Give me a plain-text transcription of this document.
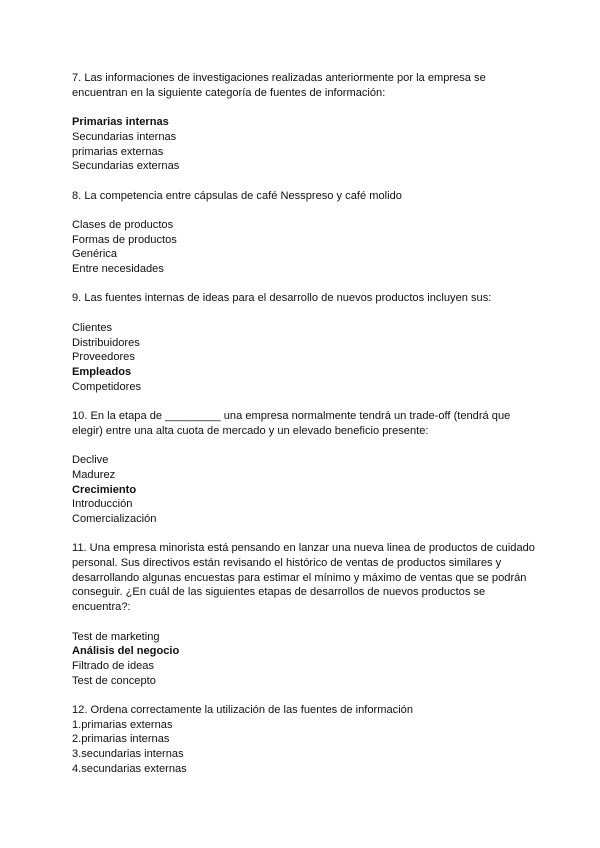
7. Las informaciones de investigaciones realizadas anteriormente por la empresa se encuentran en la siguiente categoría de fuentes de información:

Primarias internas
Secundarias internas
primarias externas
Secundarias externas

8. La competencia entre cápsulas de café Nesspreso y café molido

Clases de productos
Formas de productos
Genérica
Entre necesidades

9. Las fuentes internas de ideas para el desarrollo de nuevos productos incluyen sus:

Clientes
Distribuidores
Proveedores
Empleados
Competidores

10. En la etapa de _________ una empresa normalmente tendrá un trade-off (tendrá que elegir) entre una alta cuota de mercado y un elevado beneficio presente:

Declive
Madurez
Crecimiento
Introducción
Comercialización

11. Una empresa minorista está pensando en lanzar una nueva linea de productos de cuidado personal. Sus directivos están revisando el histórico de ventas de productos similares y desarrollando algunas encuestas para estimar el mínimo y máximo de ventas que se podrán conseguir. ¿En cuál de las siguientes etapas de desarrollos de nuevos productos se encuentra?:

Test de marketing
Análisis del negocio
Filtrado de ideas
Test de concepto

12. Ordena correctamente la utilización de las fuentes de información

1.primarias externas
2.primarias internas
3.secundarias internas
4.secundarias externas
